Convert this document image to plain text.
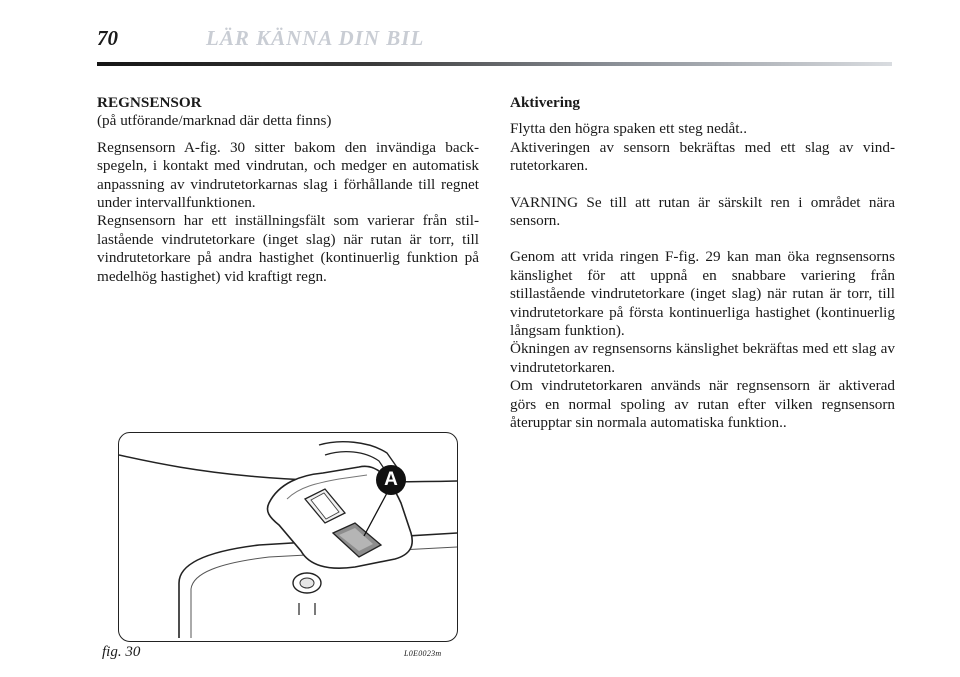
70	LÄR KÄNNA DIN BIL
REGNSENSOR
(på utförande/marknad där detta finns)

Regnsensorn A-fig. 30 sitter bakom den invändiga backspegeln, i kontakt med vindrutan, och medger en automatisk anpassning av vindrutetorkarnas slag i förhållande till regnet under intervallfunktionen.

Regnsensorn har ett inställningsfält som varierar från stillastående vindrutetorkare (inget slag) när rutan är torr, till vindrutetorkare på andra hastighet (kontinuerlig funktion på medelhög hastighet) vid kraftigt regn.

Aktivering

Flytta den högra spaken ett steg nedåt..

Aktiveringen av sensorn bekräftas med ett slag av vindrutetorkaren.

VARNING Se till att rutan är särskilt ren i området nära sensorn.

Genom att vrida ringen F-fig. 29 kan man öka regnsensorns känslighet för att uppnå en snabbare variering från stillastående vindrutetorkare (inget slag) när rutan är torr, till vindrutetorkare på första kontinuerliga hastighet (kontinuerlig långsam funktion).

Ökningen av regnsensorns känslighet bekräftas med ett slag av vindrutetorkaren.

Om vindrutetorkaren används när regnsensorn är aktiverad görs en normal spoling av rutan efter vilken regnsensorn återupptar sin normala automatiska funktion..

A
fig. 30	L0E0023m
